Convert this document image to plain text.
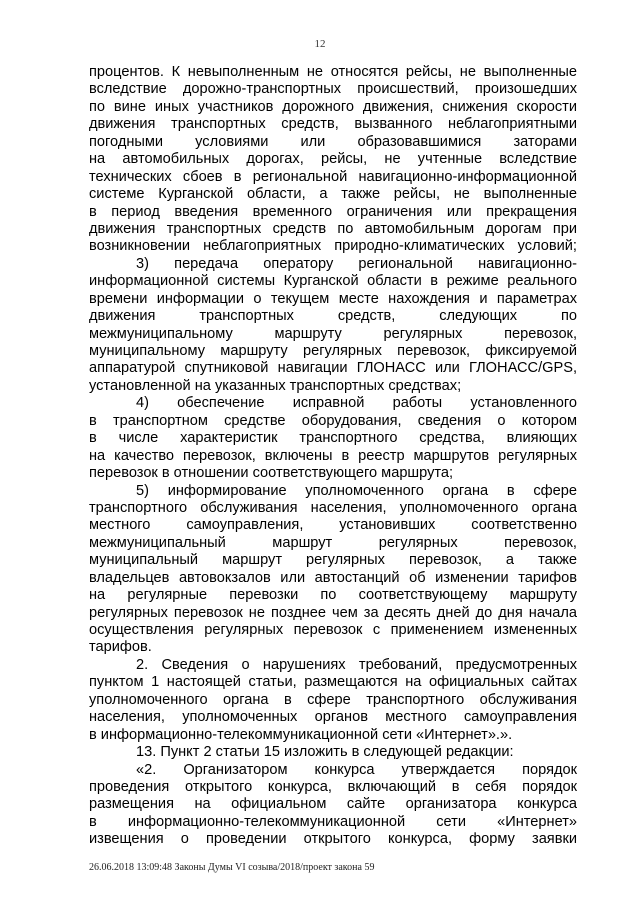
12
процентов. К невыполненным не относятся рейсы, не выполненные
вследствие дорожно-транспортных происшествий, произошедших
по вине иных участников дорожного движения, снижения скорости
движения транспортных средств, вызванного неблагоприятными
погодными условиями или образовавшимися заторами
на автомобильных дорогах, рейсы, не учтенные вследствие
технических сбоев в региональной навигационно-информационной
системе Курганской области, а также рейсы, не выполненные
в период введения временного ограничения или прекращения
движения транспортных средств по автомобильным дорогам при
возникновении неблагоприятных природно-климатических условий;
3) передача оператору региональной навигационно-
информационной системы Курганской области в режиме реального
времени информации о текущем месте нахождения и параметрах
движения транспортных средств, следующих по
межмуниципальному маршруту регулярных перевозок,
муниципальному маршруту регулярных перевозок, фиксируемой
аппаратурой спутниковой навигации ГЛОНАСС или ГЛОНАСС/GPS,
установленной на указанных транспортных средствах;
4) обеспечение исправной работы установленного
в транспортном средстве оборудования, сведения о котором
в числе характеристик транспортного средства, влияющих
на качество перевозок, включены в реестр маршрутов регулярных
перевозок в отношении соответствующего маршрута;
5) информирование уполномоченного органа в сфере
транспортного обслуживания населения, уполномоченного органа
местного самоуправления, установивших соответственно
межмуниципальный маршрут регулярных перевозок,
муниципальный маршрут регулярных перевозок, а также
владельцев автовокзалов или автостанций об изменении тарифов
на регулярные перевозки по соответствующему маршруту
регулярных перевозок не позднее чем за десять дней до дня начала
осуществления регулярных перевозок с применением измененных
тарифов.
2. Сведения о нарушениях требований, предусмотренных
пунктом 1 настоящей статьи, размещаются на официальных сайтах
уполномоченного органа в сфере транспортного обслуживания
населения, уполномоченных органов местного самоуправления
в информационно-телекоммуникационной сети «Интернет».».
13. Пункт 2 статьи 15 изложить в следующей редакции:
«2. Организатором конкурса утверждается порядок
проведения открытого конкурса, включающий в себя порядок
размещения на официальном сайте организатора конкурса
в информационно-телекоммуникационной сети «Интернет»
извещения о проведении открытого конкурса, форму заявки
26.06.2018 13:09:48 Законы Думы VI созыва/2018/проект закона 59
